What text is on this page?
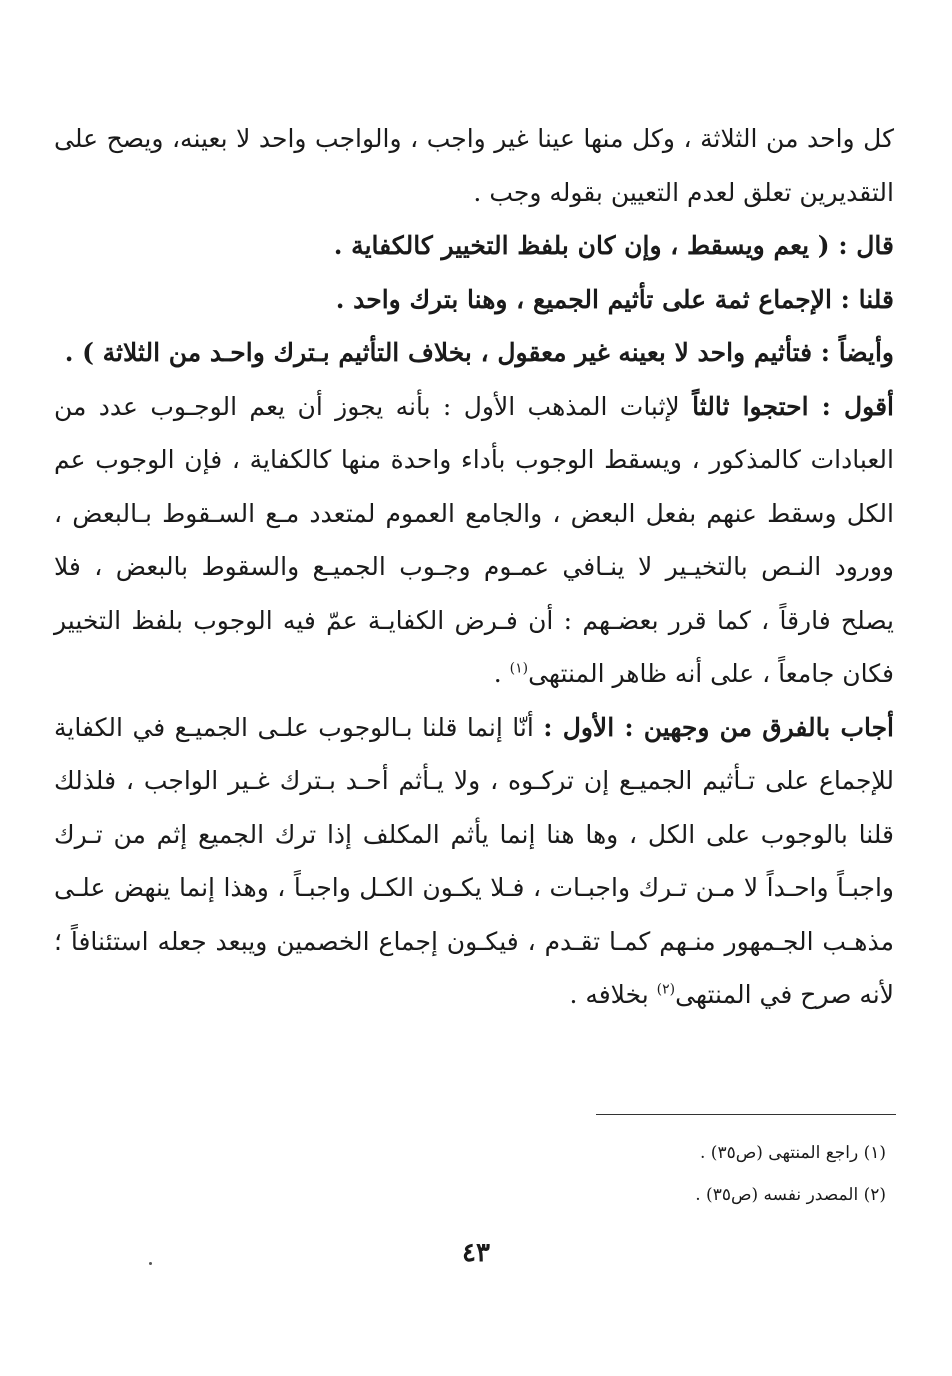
كل واحد من الثلاثة ، وكل منها عينا غير واجب ، والواجب واحد لا بعينه، ويصح على التقديرين تعلق لعدم التعيين بقوله وجب .

قال : ( يعم ويسقط ، وإن كان بلفظ التخيير كالكفاية .

قلنا : الإجماع ثمة على تأثيم الجميع ، وهنا بترك واحد .

وأيضاً : فتأثيم واحد لا بعينه غير معقول ، بخلاف التأثيم بـترك واحـد من الثلاثة ) .

أقول : احتجوا ثالثاً لإثبات المذهب الأول : بأنه يجوز أن يعم الوجـوب عدد من العبادات كالمذكور ، ويسقط الوجوب بأداء واحدة منها كالكفاية ، فإن الوجوب عم الكل وسقط عنهم بفعل البعض ، والجامع العموم لمتعدد مـع السـقوط بـالبعض ، وورود النـص بالتخيـير لا ينـافي عمـوم وجـوب الجميـع والسقوط بالبعض ، فلا يصلح فارقاً ، كما قرر بعضـهم : أن فـرض الكفايـة عمّ فيه الوجوب بلفظ التخيير فكان جامعاً ، على أنه ظاهر المنتهى$^{(١)}$ .

أجاب بالفرق من وجهين : الأول : أنّا إنما قلنا بـالوجوب علـى الجميـع في الكفاية للإجماع على تـأثيم الجميـع إن تركـوه ، ولا يـأثم أحـد بـترك غـير الواجب ، فلذلك قلنا بالوجوب على الكل ، وها هنا إنما يأثم المكلف إذا ترك الجميع إثم من تـرك واجبـاً واحـداً لا مـن تـرك واجبـات ، فـلا يكـون الكـل واجبـاً ، وهذا إنما ينهض علـى مذهـب الجـمهور منـهم كمـا تقـدم ، فيكـون إجماع الخصمين ويبعد جعله استئنافاً ؛ لأنه صرح في المنتهى$^{(٢)}$ بخلافه .

(١) راجع المنتهى (ص٣٥) .

(٢) المصدر نفسه (ص٣٥) .

٤٣
